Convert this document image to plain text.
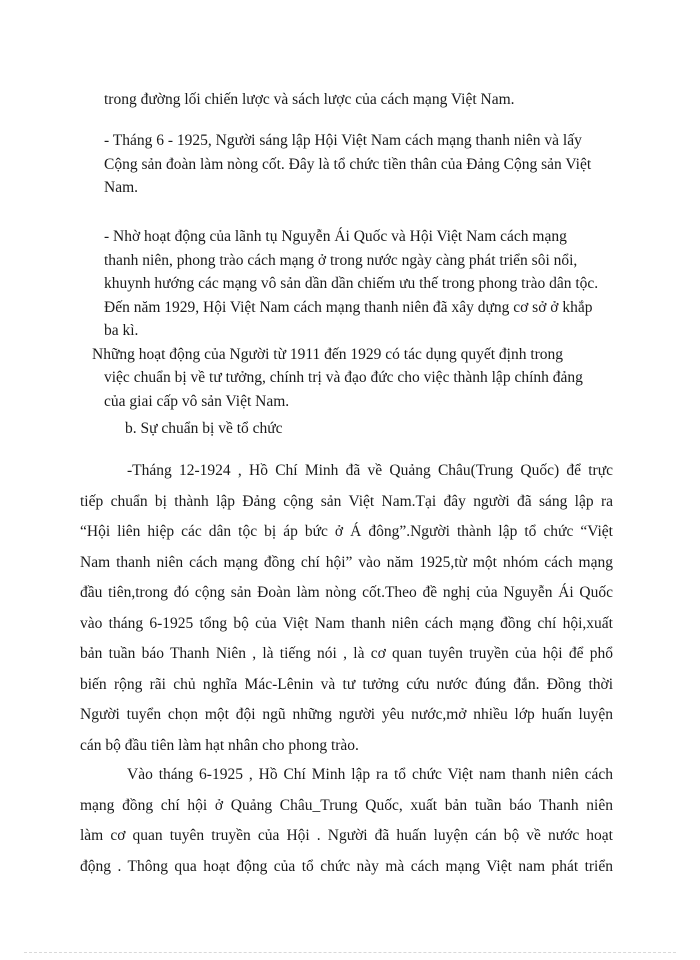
trong đường lối chiến lược và sách lược của cách mạng Việt Nam.
- Tháng 6 - 1925, Người sáng lập Hội Việt Nam cách mạng thanh niên và lấy
Cộng sản đoàn làm nòng cốt. Đây là tổ chức tiền thân của Đảng Cộng sản Việt
Nam.
- Nhờ hoạt động của lãnh tụ Nguyễn Ái Quốc và Hội Việt Nam cách mạng
thanh niên, phong trào cách mạng ở trong nước ngày càng phát triển sôi nổi,
khuynh hướng các mạng vô sản dần dần chiếm ưu thế trong phong trào dân tộc.
Đến năm 1929, Hội Việt Nam cách mạng thanh niên đã xây dựng cơ sở ở khắp
ba kì.
Những hoạt động của Người từ 1911 đến 1929 có tác dụng quyết định trong
việc chuẩn bị về tư tưởng, chính trị và đạo đức cho việc thành lập chính đảng
của giai cấp vô sản Việt Nam.
b. Sự chuẩn bị về tổ chức
-Tháng 12-1924 , Hồ Chí Minh đã về Quảng Châu(Trung Quốc) để trực
tiếp chuẩn bị thành lập Đảng cộng sản Việt Nam.Tại đây người đã sáng lập ra
“Hội liên hiệp các dân tộc bị áp bức ở Á đông”.Người thành lập tổ chức “Việt
Nam thanh niên cách mạng đồng chí hội” vào năm 1925,từ một nhóm cách mạng
đầu tiên,trong đó cộng sản Đoàn làm nòng cốt.Theo đề nghị của Nguyễn Ái Quốc
vào tháng 6-1925 tổng bộ của Việt Nam thanh niên cách mạng đồng chí hội,xuất
bản tuần báo Thanh Niên , là tiếng nói , là cơ quan tuyên truyền của hội để phổ
biến rộng rãi chủ nghĩa Mác-Lênin và tư tưởng cứu nước đúng đắn. Đồng thời
Người tuyển chọn một đội ngũ những người yêu nước,mở nhiều lớp huấn luyện
cán bộ đầu tiên làm hạt nhân cho phong trào.
Vào tháng 6-1925 , Hồ Chí Minh lập ra tổ chức Việt nam thanh niên cách
mạng đồng chí hội ở Quảng Châu_Trung Quốc, xuất bản tuần báo Thanh niên
làm cơ quan tuyên truyền của Hội . Người đã huấn luyện cán bộ về nước hoạt
động . Thông qua hoạt động của tổ chức này mà cách mạng Việt nam phát triển
